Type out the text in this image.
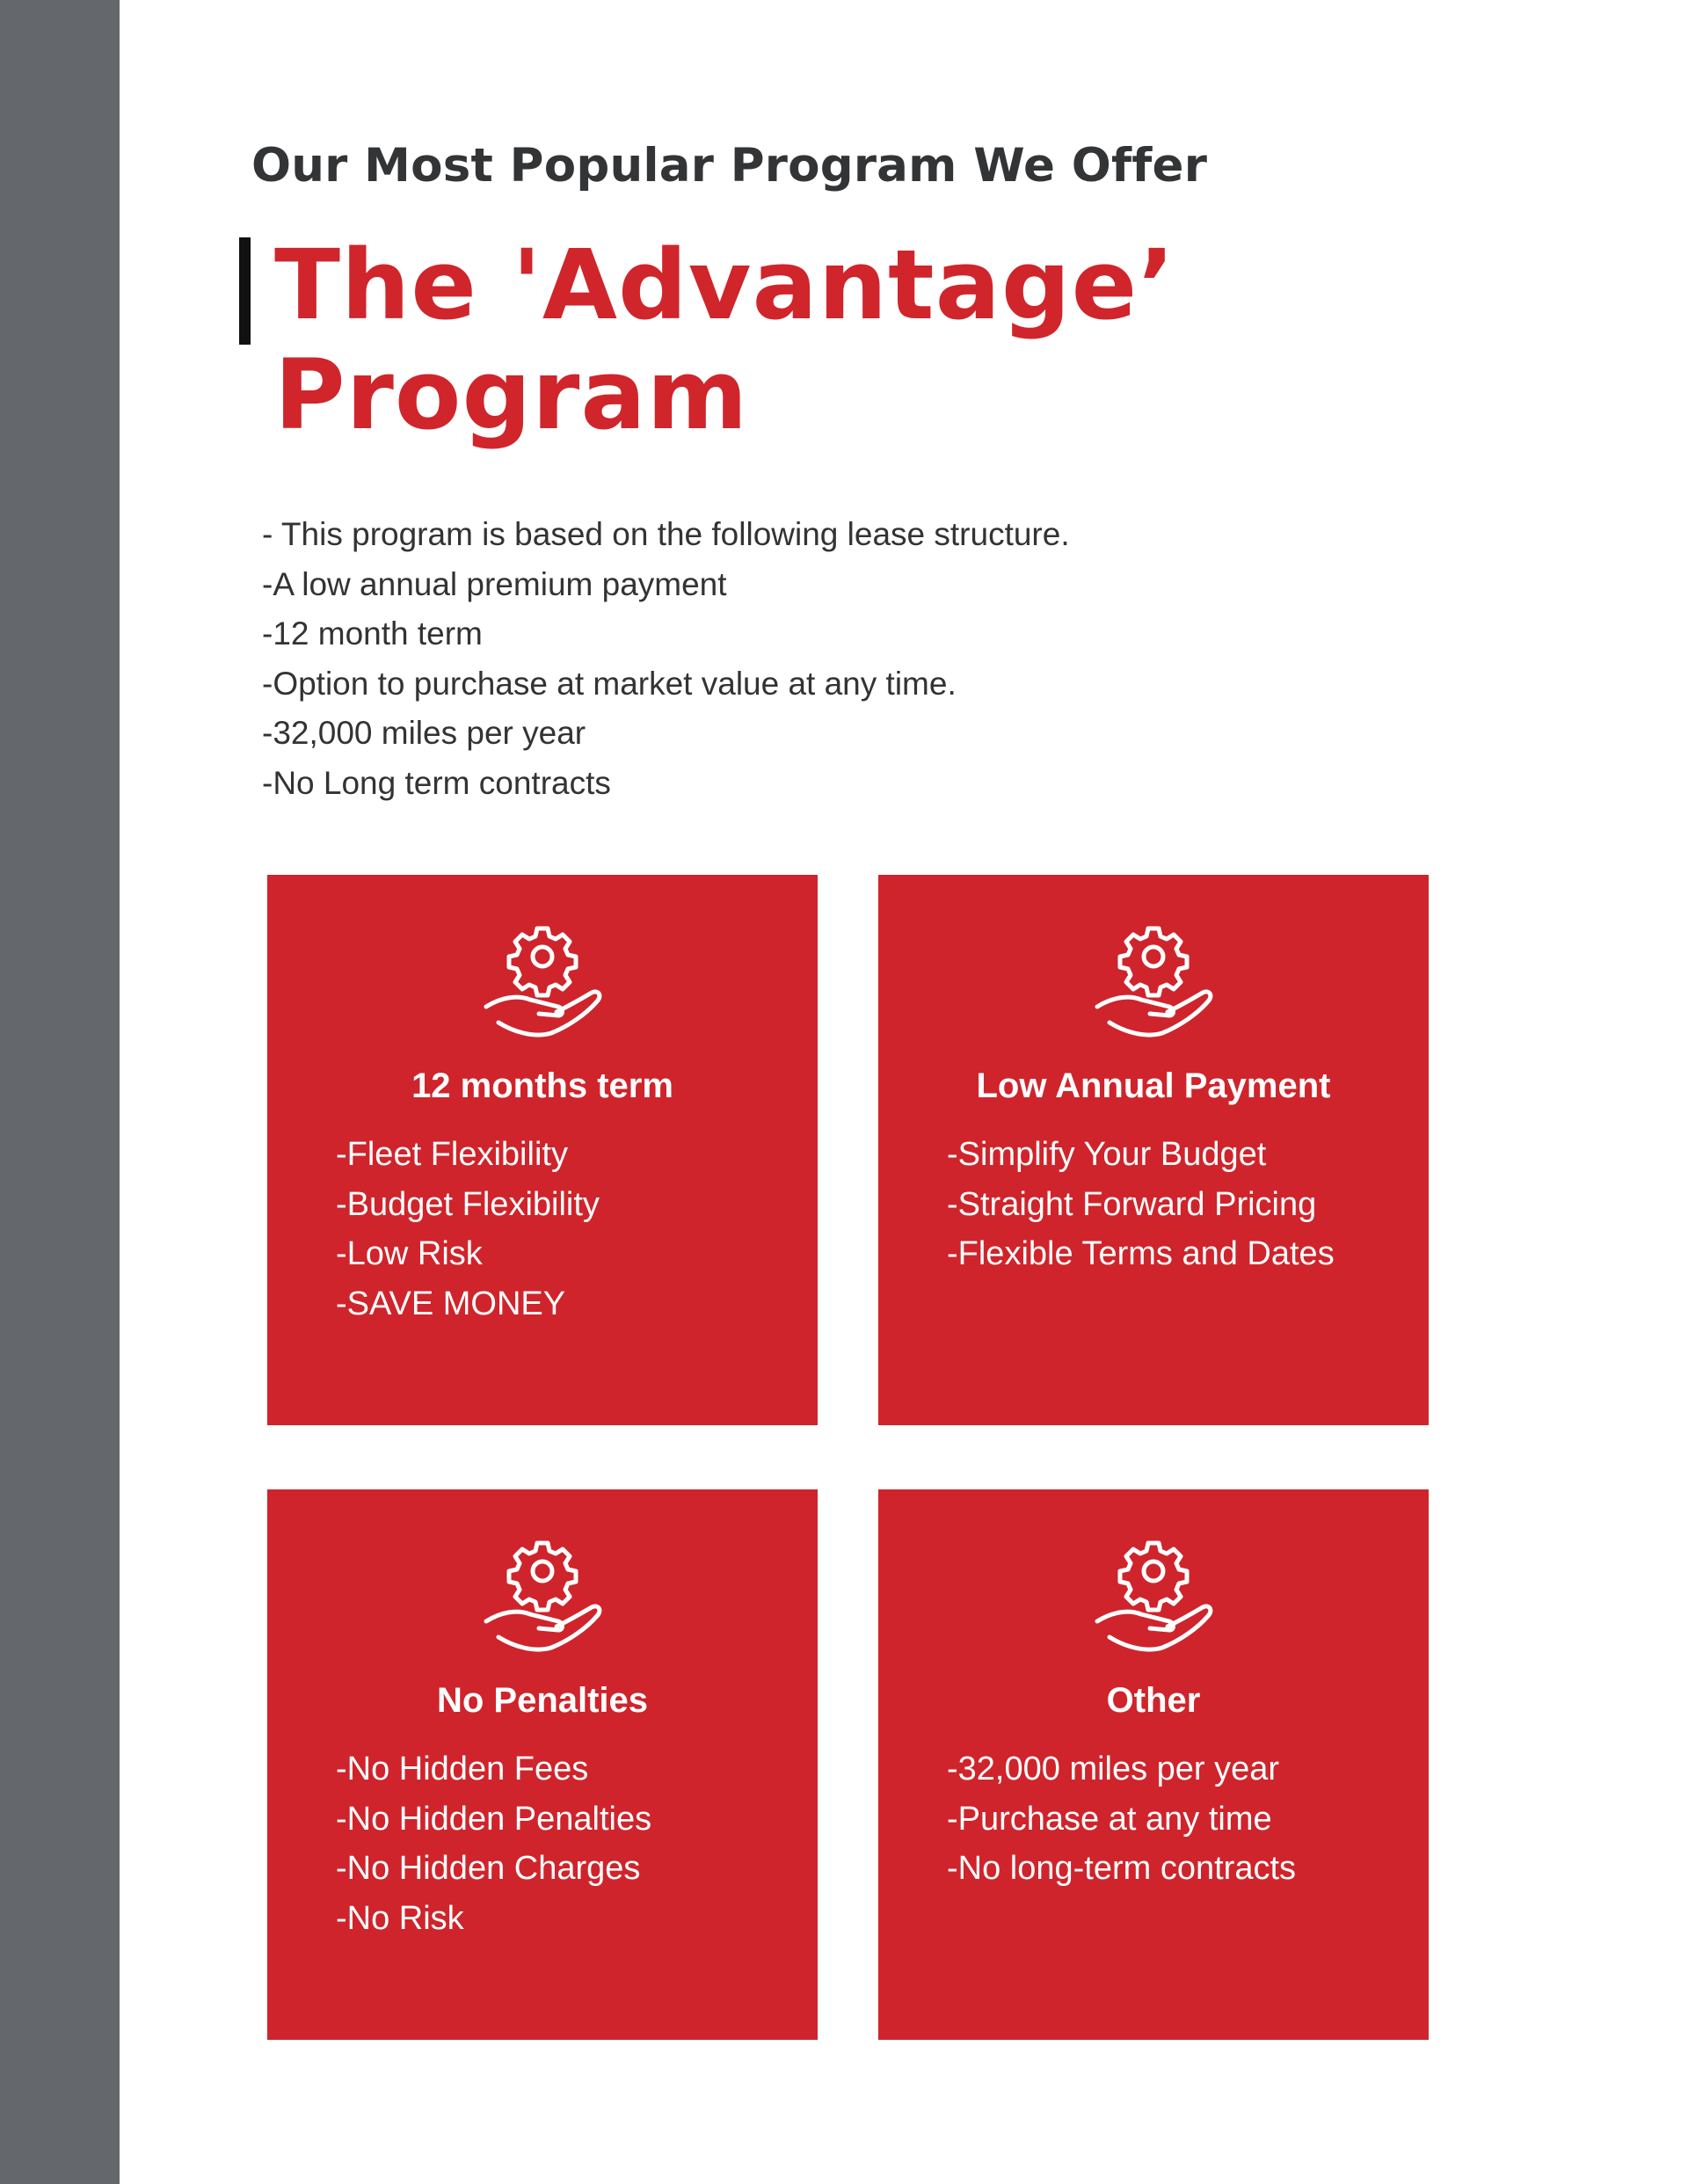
Our Most Popular Program We Offer
The 'Advantage’
Program
- This program is based on the following lease structure.
-A low annual premium payment
-12 month term
-Option to purchase at market value at any time.
-32,000 miles per year
-No Long term contracts
12 months term
-Fleet Flexibility
-Budget Flexibility
-Low Risk
-SAVE MONEY
Low Annual Payment
-Simplify Your Budget
-Straight Forward Pricing
-Flexible Terms and Dates
No Penalties
-No Hidden Fees
-No Hidden Penalties
-No Hidden Charges
-No Risk
Other
-32,000 miles per year
-Purchase at any time
-No long-term contracts
